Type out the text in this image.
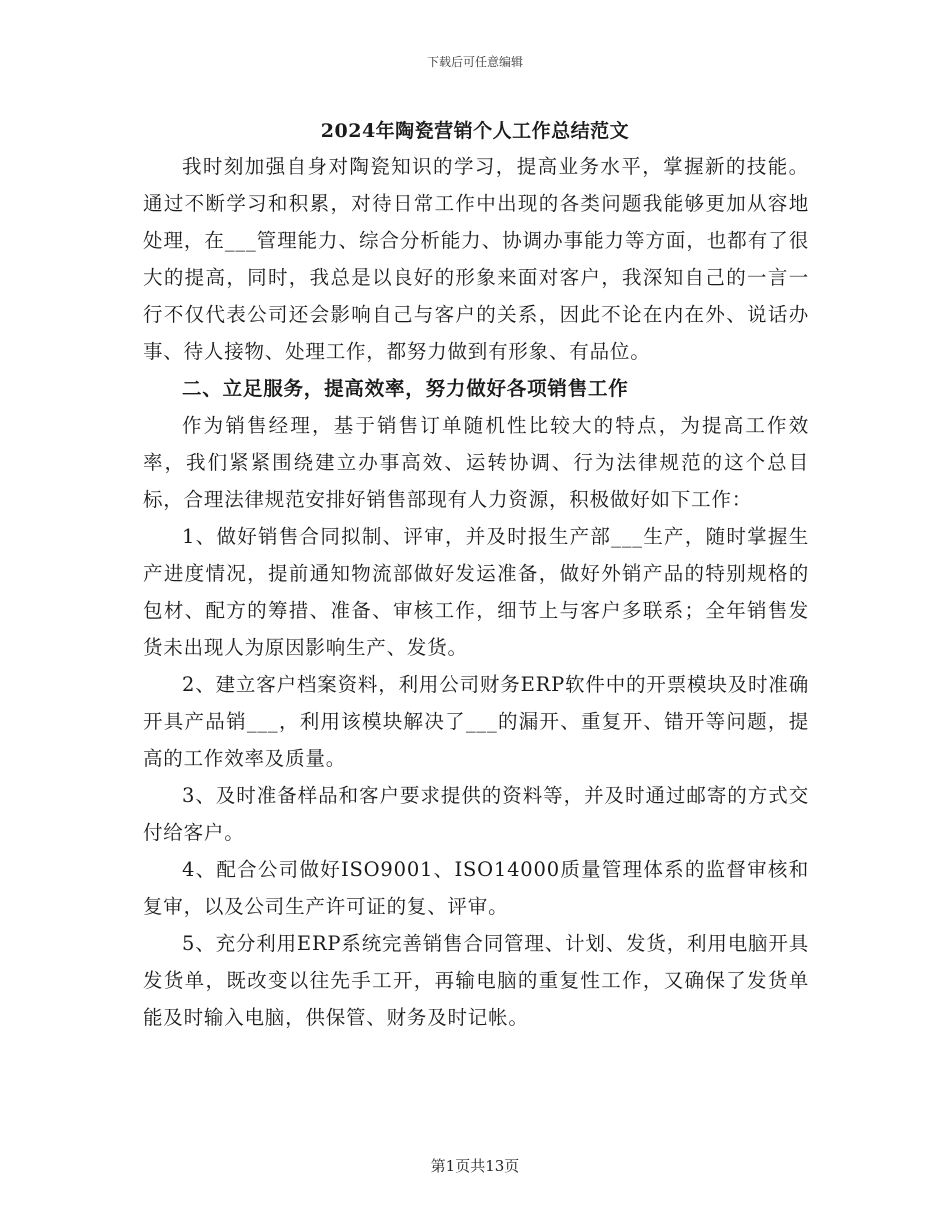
下载后可任意编辑
2024年陶瓷营销个人工作总结范文

我时刻加强自身对陶瓷知识的学习，提高业务水平，掌握新的技能。通过不断学习和积累，对待日常工作中出现的各类问题我能够更加从容地处理，在___管理能力、综合分析能力、协调办事能力等方面，也都有了很大的提高，同时，我总是以良好的形象来面对客户，我深知自己的一言一行不仅代表公司还会影响自己与客户的关系，因此不论在内在外、说话办事、待人接物、处理工作，都努力做到有形象、有品位。

二、立足服务，提高效率，努力做好各项销售工作

作为销售经理，基于销售订单随机性比较大的特点，为提高工作效率，我们紧紧围绕建立办事高效、运转协调、行为法律规范的这个总目标，合理法律规范安排好销售部现有人力资源，积极做好如下工作：

1、做好销售合同拟制、评审，并及时报生产部___生产，随时掌握生产进度情况，提前通知物流部做好发运准备，做好外销产品的特别规格的包材、配方的筹措、准备、审核工作，细节上与客户多联系；全年销售发货未出现人为原因影响生产、发货。

2、建立客户档案资料，利用公司财务ERP软件中的开票模块及时准确开具产品销___，利用该模块解决了___的漏开、重复开、错开等问题，提高的工作效率及质量。

3、及时准备样品和客户要求提供的资料等，并及时通过邮寄的方式交付给客户。

4、配合公司做好ISO9001、ISO14000质量管理体系的监督审核和复审，以及公司生产许可证的复、评审。

5、充分利用ERP系统完善销售合同管理、计划、发货，利用电脑开具发货单，既改变以往先手工开，再输电脑的重复性工作，又确保了发货单能及时输入电脑，供保管、财务及时记帐。

第1页共13页
